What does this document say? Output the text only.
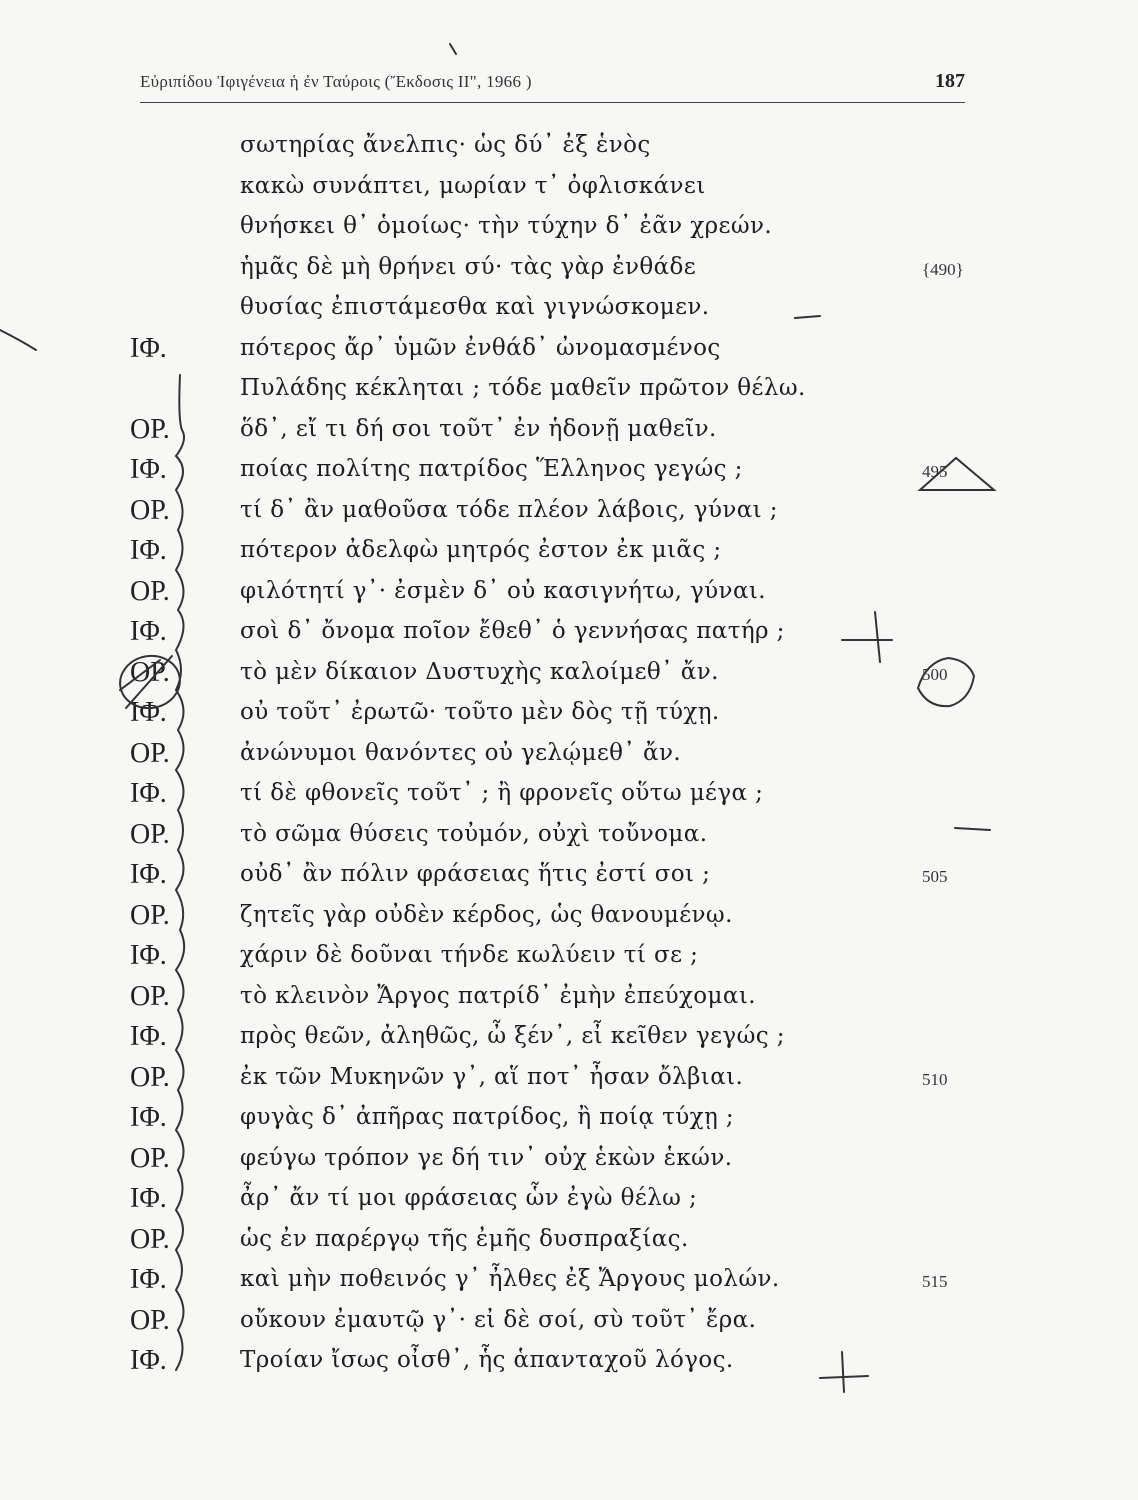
Εὐριπίδου Ἰφιγένεια ἡ ἐν Ταύροις (Ἔκδοσις ΙΙ", 1966 )	187
σωτηρίας ἄνελπις· ὡς δύ᾽ ἐξ ἑνὸς
κακὼ συνάπτει, μωρίαν τ᾽ ὀφλισκάνει
θνήσκει θ᾽ ὁμοίως· τὴν τύχην δ᾽ ἐᾶν χρεών.
ἡμᾶς δὲ μὴ θρήνει σύ· τὰς γὰρ ἐνθάδε	{490}
θυσίας ἐπιστάμεσθα καὶ γιγνώσκομεν.
ΙΦ.	πότερος ἄρ᾽ ὑμῶν ἐνθάδ᾽ ὠνομασμένος
Πυλάδης κέκληται ; τόδε μαθεῖν πρῶτον θέλω.
ΟΡ.	ὅδ᾽, εἴ τι δή σοι τοῦτ᾽ ἐν ἡδονῇ μαθεῖν.
ΙΦ.	ποίας πολίτης πατρίδος Ἕλληνος γεγώς ;	495
ΟΡ.	τί δ᾽ ἂν μαθοῦσα τόδε πλέον λάβοις, γύναι ;
ΙΦ.	πότερον ἀδελφὼ μητρός ἐστον ἐκ μιᾶς ;
ΟΡ.	φιλότητί γ᾽· ἐσμὲν δ᾽ οὐ κασιγνήτω, γύναι.
ΙΦ.	σοὶ δ᾽ ὄνομα ποῖον ἔθεθ᾽ ὁ γεννήσας πατήρ ;
ΟΡ.	τὸ μὲν δίκαιον Δυστυχὴς καλοίμεθ᾽ ἄν.	500
ΙΦ.	οὐ τοῦτ᾽ ἐρωτῶ· τοῦτο μὲν δὸς τῇ τύχῃ.
ΟΡ.	ἀνώνυμοι θανόντες οὐ γελῴμεθ᾽ ἄν.
ΙΦ.	τί δὲ φθονεῖς τοῦτ᾽ ; ἢ φρονεῖς οὕτω μέγα ;
ΟΡ.	τὸ σῶμα θύσεις τοὐμόν, οὐχὶ τοὔνομα.
ΙΦ.	οὐδ᾽ ἂν πόλιν φράσειας ἥτις ἐστί σοι ;	505
ΟΡ.	ζητεῖς γὰρ οὐδὲν κέρδος, ὡς θανουμένῳ.
ΙΦ.	χάριν δὲ δοῦναι τήνδε κωλύειν τί σε ;
ΟΡ.	τὸ κλεινὸν Ἄργος πατρίδ᾽ ἐμὴν ἐπεύχομαι.
ΙΦ.	πρὸς θεῶν, ἀληθῶς, ὦ ξέν᾽, εἶ κεῖθεν γεγώς ;
ΟΡ.	ἐκ τῶν Μυκηνῶν γ᾽, αἵ ποτ᾽ ἦσαν ὄλβιαι.	510
ΙΦ.	φυγὰς δ᾽ ἀπῆρας πατρίδος, ἢ ποίᾳ τύχῃ ;
ΟΡ.	φεύγω τρόπον γε δή τιν᾽ οὐχ ἑκὼν ἑκών.
ΙΦ.	ἆρ᾽ ἄν τί μοι φράσειας ὧν ἐγὼ θέλω ;
ΟΡ.	ὡς ἐν παρέργῳ τῆς ἐμῆς δυσπραξίας.
ΙΦ.	καὶ μὴν ποθεινός γ᾽ ἦλθες ἐξ Ἄργους μολών.	515
ΟΡ.	οὔκουν ἐμαυτῷ γ᾽· εἰ δὲ σοί, σὺ τοῦτ᾽ ἔρα.
ΙΦ.	Τροίαν ἴσως οἶσθ᾽, ἧς ἁπανταχοῦ λόγος.
